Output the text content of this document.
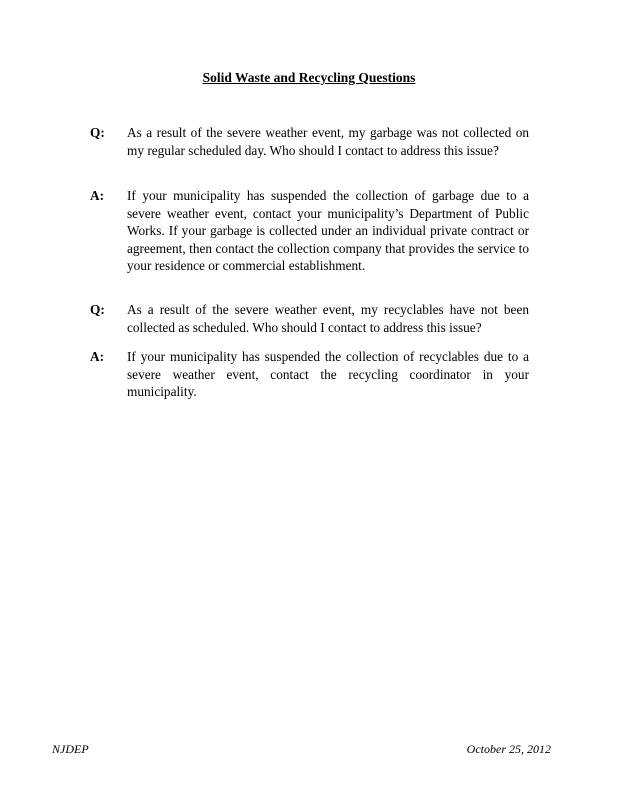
Solid Waste and Recycling Questions
Q: As a result of the severe weather event, my garbage was not collected on my regular scheduled day. Who should I contact to address this issue?
A: If your municipality has suspended the collection of garbage due to a severe weather event, contact your municipality’s Department of Public Works. If your garbage is collected under an individual private contract or agreement, then contact the collection company that provides the service to your residence or commercial establishment.
Q: As a result of the severe weather event, my recyclables have not been collected as scheduled. Who should I contact to address this issue?
A: If your municipality has suspended the collection of recyclables due to a severe weather event, contact the recycling coordinator in your municipality.
NJDEP	October 25, 2012
